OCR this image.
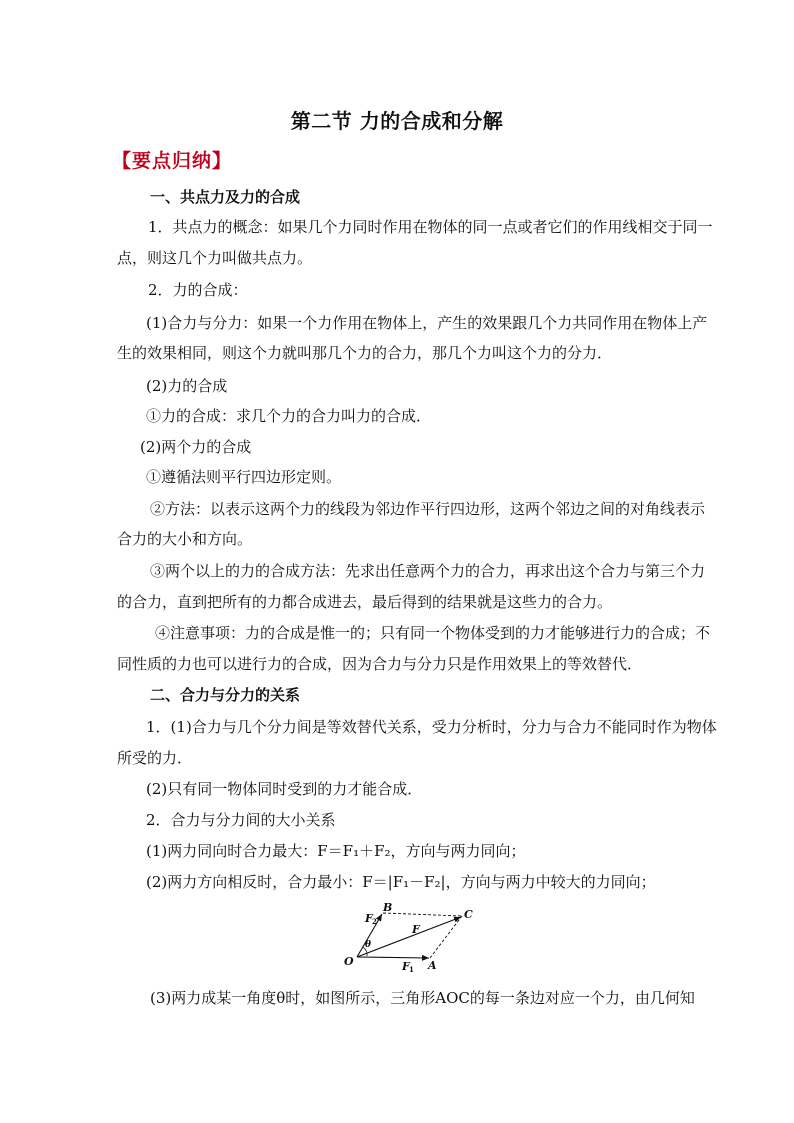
第二节 力的合成和分解
【要点归纳】
一、共点力及力的合成
1．共点力的概念：如果几个力同时作用在物体的同一点或者它们的作用线相交于同一
点，则这几个力叫做共点力。
2．力的合成：
(1)合力与分力：如果一个力作用在物体上，产生的效果跟几个力共同作用在物体上产
生的效果相同，则这个力就叫那几个力的合力，那几个力叫这个力的分力．
(2)力的合成
①力的合成：求几个力的合力叫力的合成．
(2)两个力的合成
①遵循法则平行四边形定则。
②方法：以表示这两个力的线段为邻边作平行四边形，这两个邻边之间的对角线表示
合力的大小和方向。
③两个以上的力的合成方法：先求出任意两个力的合力，再求出这个合力与第三个力
的合力，直到把所有的力都合成进去，最后得到的结果就是这些力的合力。
④注意事项：力的合成是惟一的；只有同一个物体受到的力才能够进行力的合成；不
同性质的力也可以进行力的合成，因为合力与分力只是作用效果上的等效替代．
二、合力与分力的关系
1．(1)合力与几个分力间是等效替代关系，受力分析时，分力与合力不能同时作为物体
所受的力．
(2)只有同一物体同时受到的力才能合成．
2．合力与分力间的大小关系
(1)两力同向时合力最大：F＝F₁＋F₂，方向与两力同向；
(2)两力方向相反时，合力最小：F＝|F₁－F₂|，方向与两力中较大的力同向；
B
C
O	A
F
F 1
F 2
θ
(3)两力成某一角度θ时，如图所示，三角形AOC的每一条边对应一个力，由几何知
